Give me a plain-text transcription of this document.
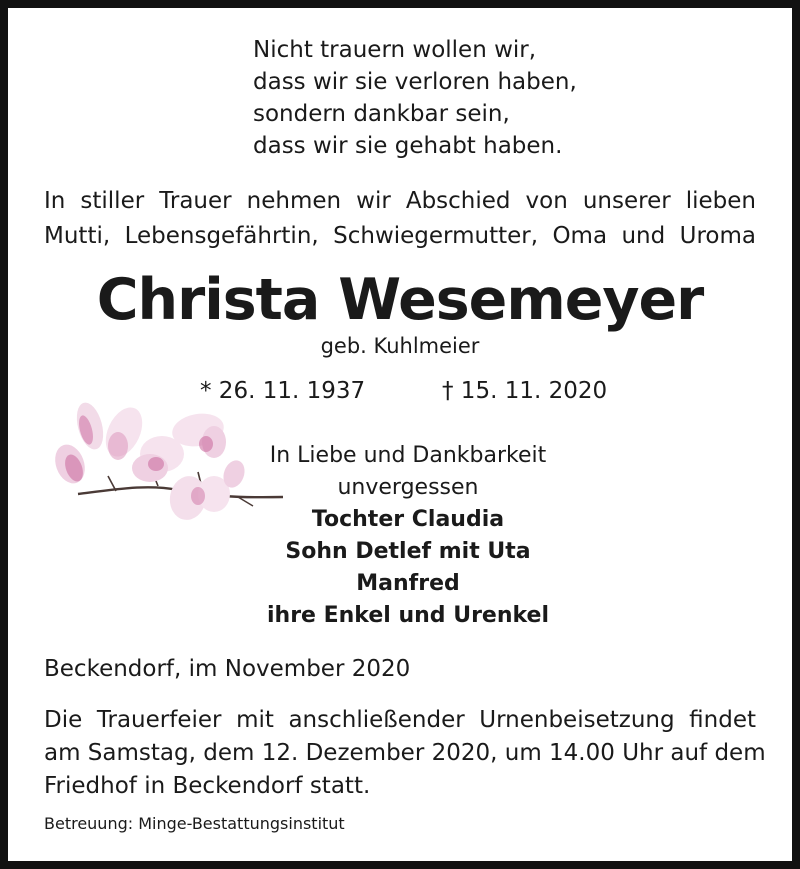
Nicht trauern wollen wir,
dass wir sie verloren haben,
sondern dankbar sein,
dass wir sie gehabt haben.
In stiller Trauer nehmen wir Abschied von unserer lieben
Mutti, Lebensgefährtin, Schwiegermutter, Oma und Uroma
Christa Wesemeyer
geb. Kuhlmeier
* 26. 11. 1937	† 15. 11. 2020
In Liebe und Dankbarkeit
unvergessen
Tochter Claudia
Sohn Detlef mit Uta
Manfred
ihre Enkel und Urenkel
Beckendorf, im November 2020
Die Trauerfeier mit anschließender Urnenbeisetzung findet
am Samstag, dem 12. Dezember 2020, um 14.00 Uhr auf dem
Friedhof in Beckendorf statt.
Betreuung: Minge-Bestattungsinstitut
